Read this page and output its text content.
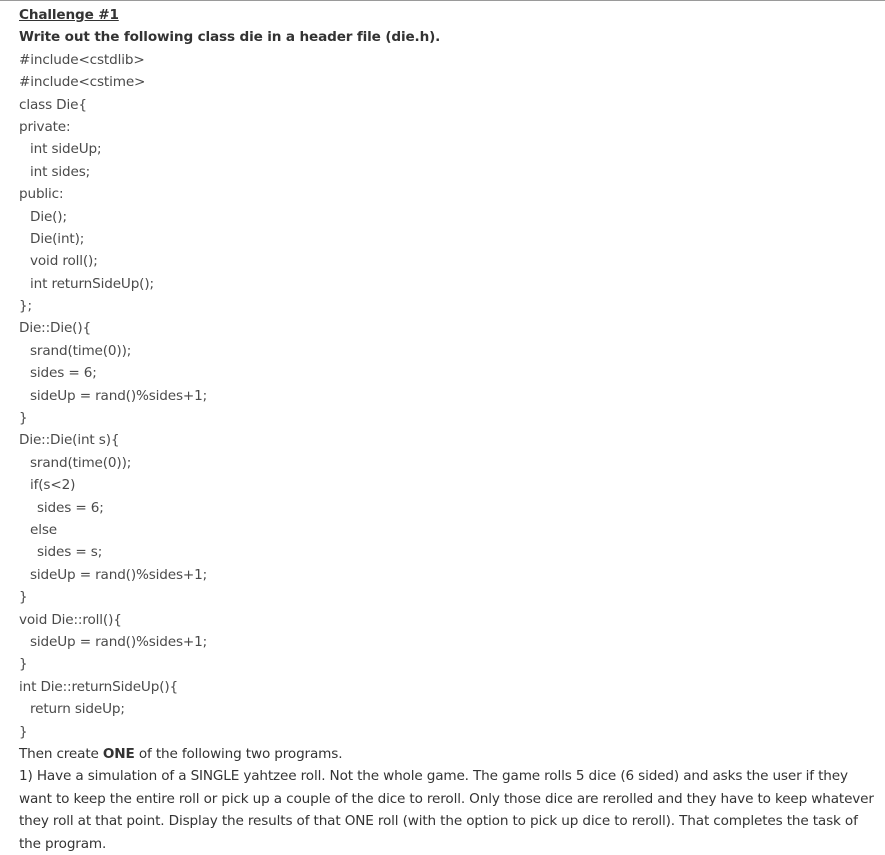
Challenge #1
Write out the following class die in a header file (die.h).
#include<cstdlib>
#include<cstime>
class Die{
private:
int sideUp;
int sides;
public:
Die();
Die(int);
void roll();
int returnSideUp();
};
Die::Die(){
srand(time(0));
sides = 6;
sideUp = rand()%sides+1;
}
Die::Die(int s){
srand(time(0));
if(s<2)
sides = 6;
else
sides = s;
sideUp = rand()%sides+1;
}
void Die::roll(){
sideUp = rand()%sides+1;
}
int Die::returnSideUp(){
return sideUp;
}
Then create ONE of the following two programs.
1) Have a simulation of a SINGLE yahtzee roll. Not the whole game. The game rolls 5 dice (6 sided) and asks the user if they want to keep the entire roll or pick up a couple of the dice to reroll. Only those dice are rerolled and they have to keep whatever they roll at that point. Display the results of that ONE roll (with the option to pick up dice to reroll). That completes the task of the program.
